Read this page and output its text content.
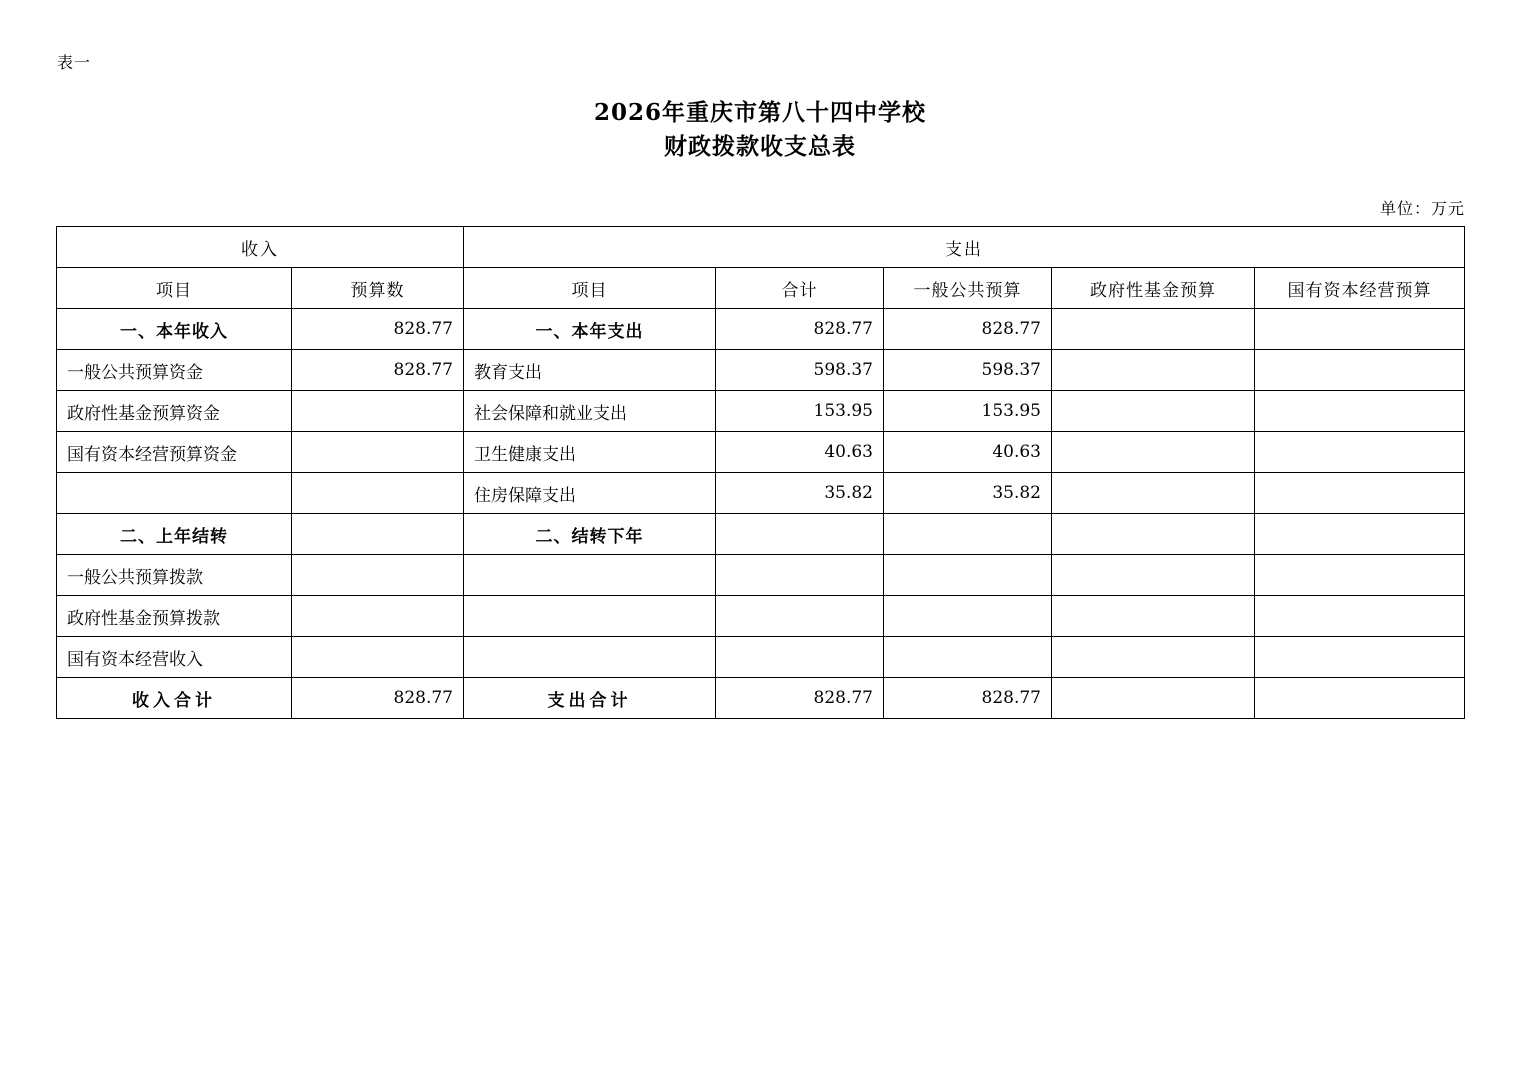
表一
2026年重庆市第八十四中学校
财政拨款收支总表
单位：万元
收入		支出				
项目	预算数	项目	合计	一般公共预算	政府性基金预算	国有资本经营预算
一、本年收入	828.77	一、本年支出	828.77	828.77		
一般公共预算资金	828.77	教育支出	598.37	598.37		
政府性基金预算资金		社会保障和就业支出	153.95	153.95		
国有资本经营预算资金		卫生健康支出	40.63	40.63		
		住房保障支出	35.82	35.82		
二、上年结转		二、结转下年				
一般公共预算拨款						
政府性基金预算拨款						
国有资本经营收入						
收入合计	828.77	支出合计	828.77	828.77		
